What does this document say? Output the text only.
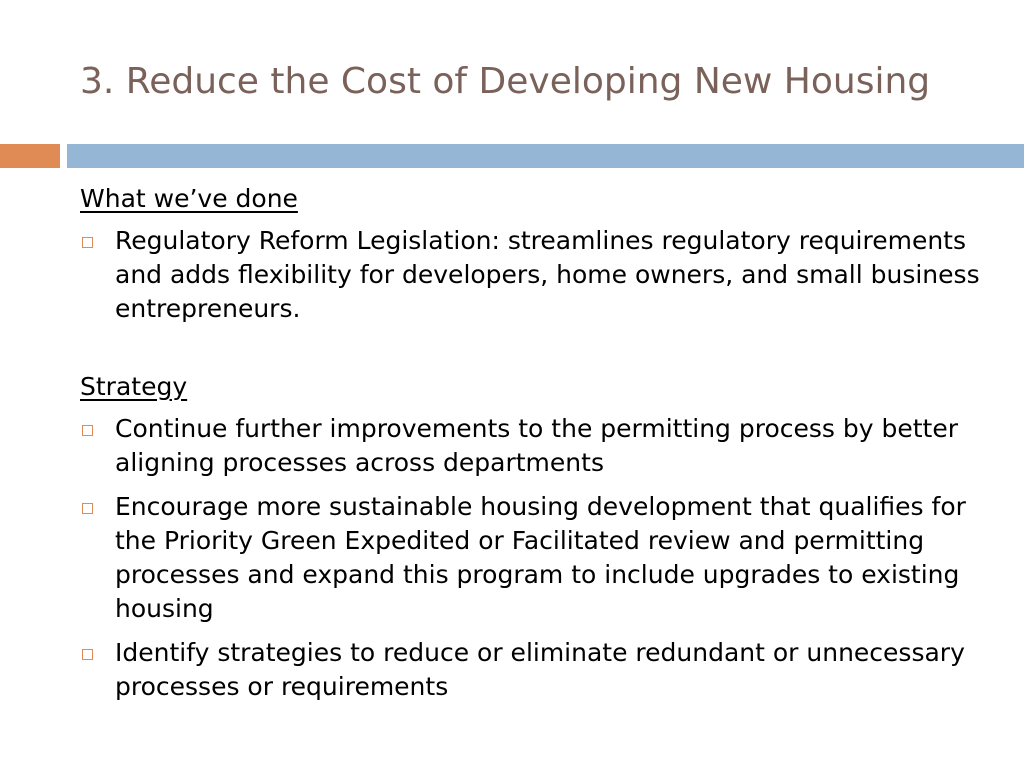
3. Reduce the Cost of Developing New Housing
What we’ve done
Regulatory Reform Legislation: streamlines regulatory requirements and adds flexibility for developers, home owners, and small business entrepreneurs.
Strategy
Continue further improvements to the permitting process by better aligning processes across departments
Encourage more sustainable housing development that qualifies for the Priority Green Expedited or Facilitated review and permitting processes and expand this program to include upgrades to existing housing
Identify strategies to reduce or eliminate redundant or unnecessary processes or requirements
